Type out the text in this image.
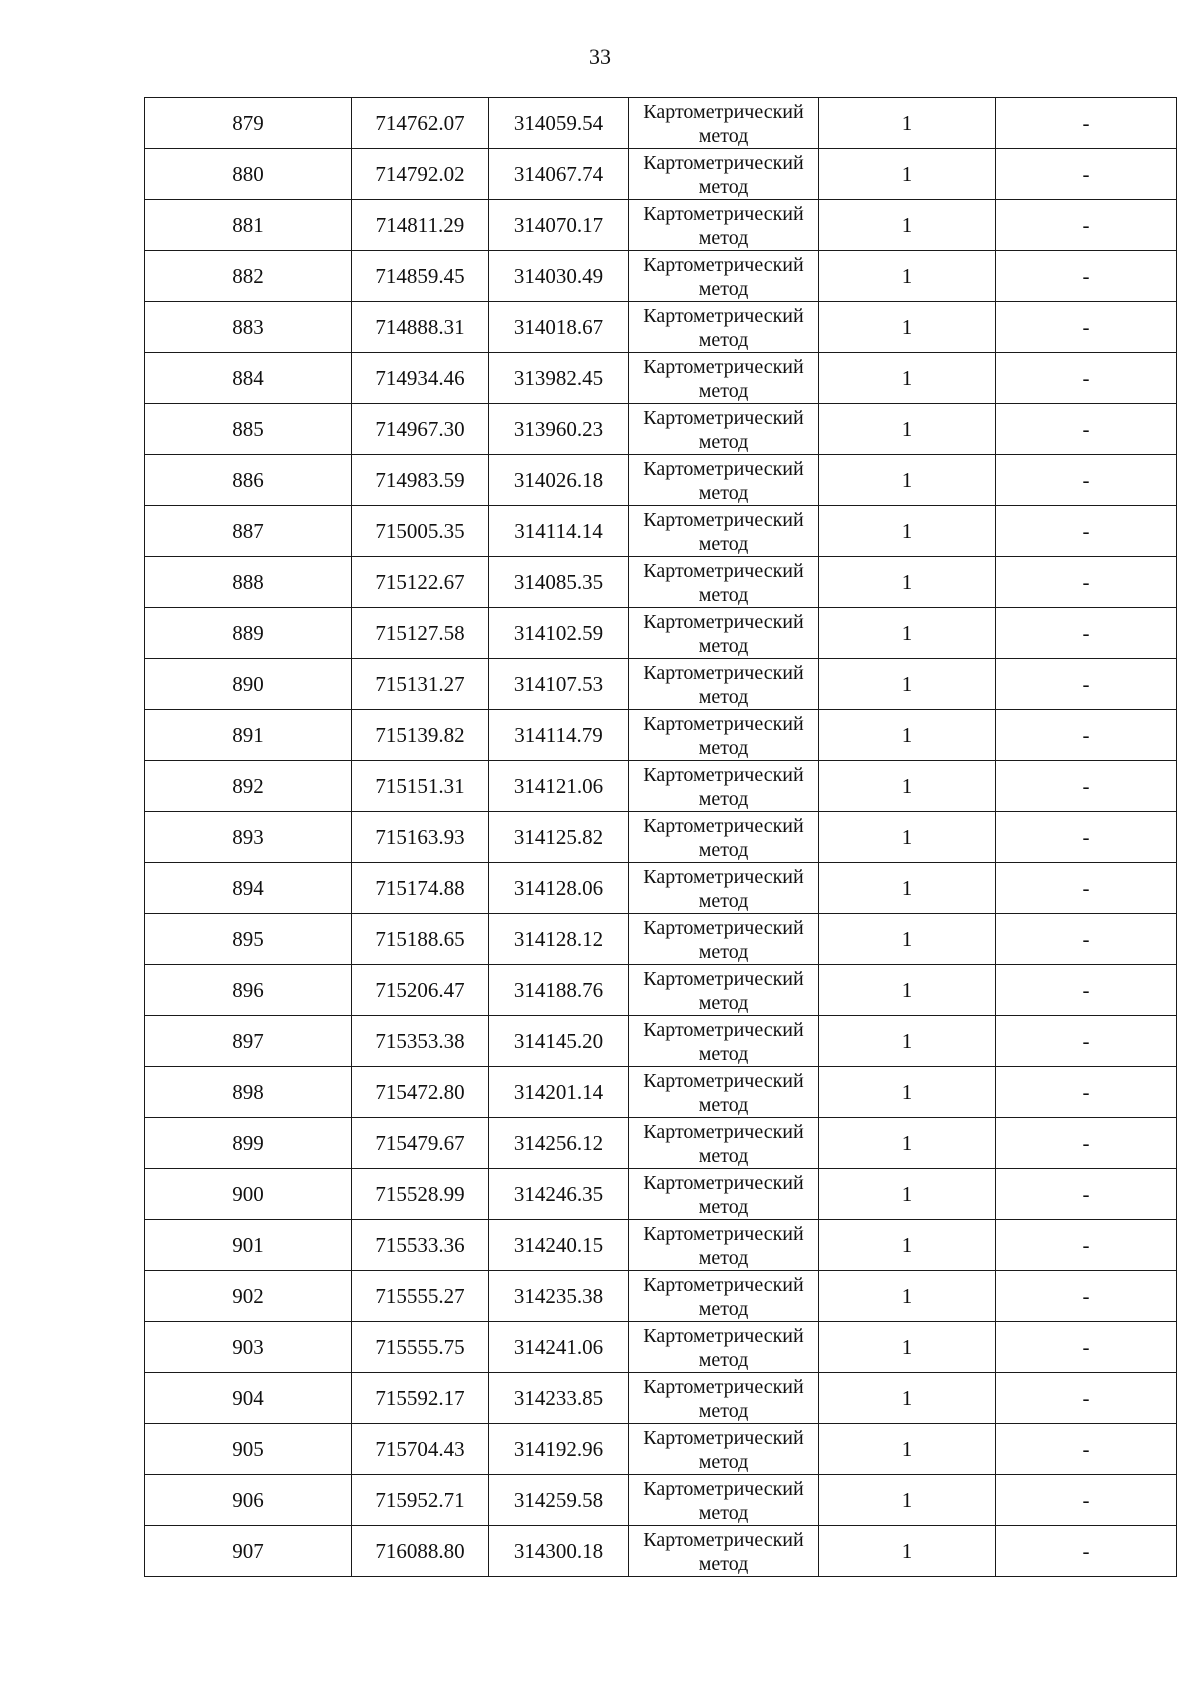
33
879	714762.07	314059.54	Картометрический метод	1	-
880	714792.02	314067.74	Картометрический метод	1	-
881	714811.29	314070.17	Картометрический метод	1	-
882	714859.45	314030.49	Картометрический метод	1	-
883	714888.31	314018.67	Картометрический метод	1	-
884	714934.46	313982.45	Картометрический метод	1	-
885	714967.30	313960.23	Картометрический метод	1	-
886	714983.59	314026.18	Картометрический метод	1	-
887	715005.35	314114.14	Картометрический метод	1	-
888	715122.67	314085.35	Картометрический метод	1	-
889	715127.58	314102.59	Картометрический метод	1	-
890	715131.27	314107.53	Картометрический метод	1	-
891	715139.82	314114.79	Картометрический метод	1	-
892	715151.31	314121.06	Картометрический метод	1	-
893	715163.93	314125.82	Картометрический метод	1	-
894	715174.88	314128.06	Картометрический метод	1	-
895	715188.65	314128.12	Картометрический метод	1	-
896	715206.47	314188.76	Картометрический метод	1	-
897	715353.38	314145.20	Картометрический метод	1	-
898	715472.80	314201.14	Картометрический метод	1	-
899	715479.67	314256.12	Картометрический метод	1	-
900	715528.99	314246.35	Картометрический метод	1	-
901	715533.36	314240.15	Картометрический метод	1	-
902	715555.27	314235.38	Картометрический метод	1	-
903	715555.75	314241.06	Картометрический метод	1	-
904	715592.17	314233.85	Картометрический метод	1	-
905	715704.43	314192.96	Картометрический метод	1	-
906	715952.71	314259.58	Картометрический метод	1	-
907	716088.80	314300.18	Картометрический метод	1	-
